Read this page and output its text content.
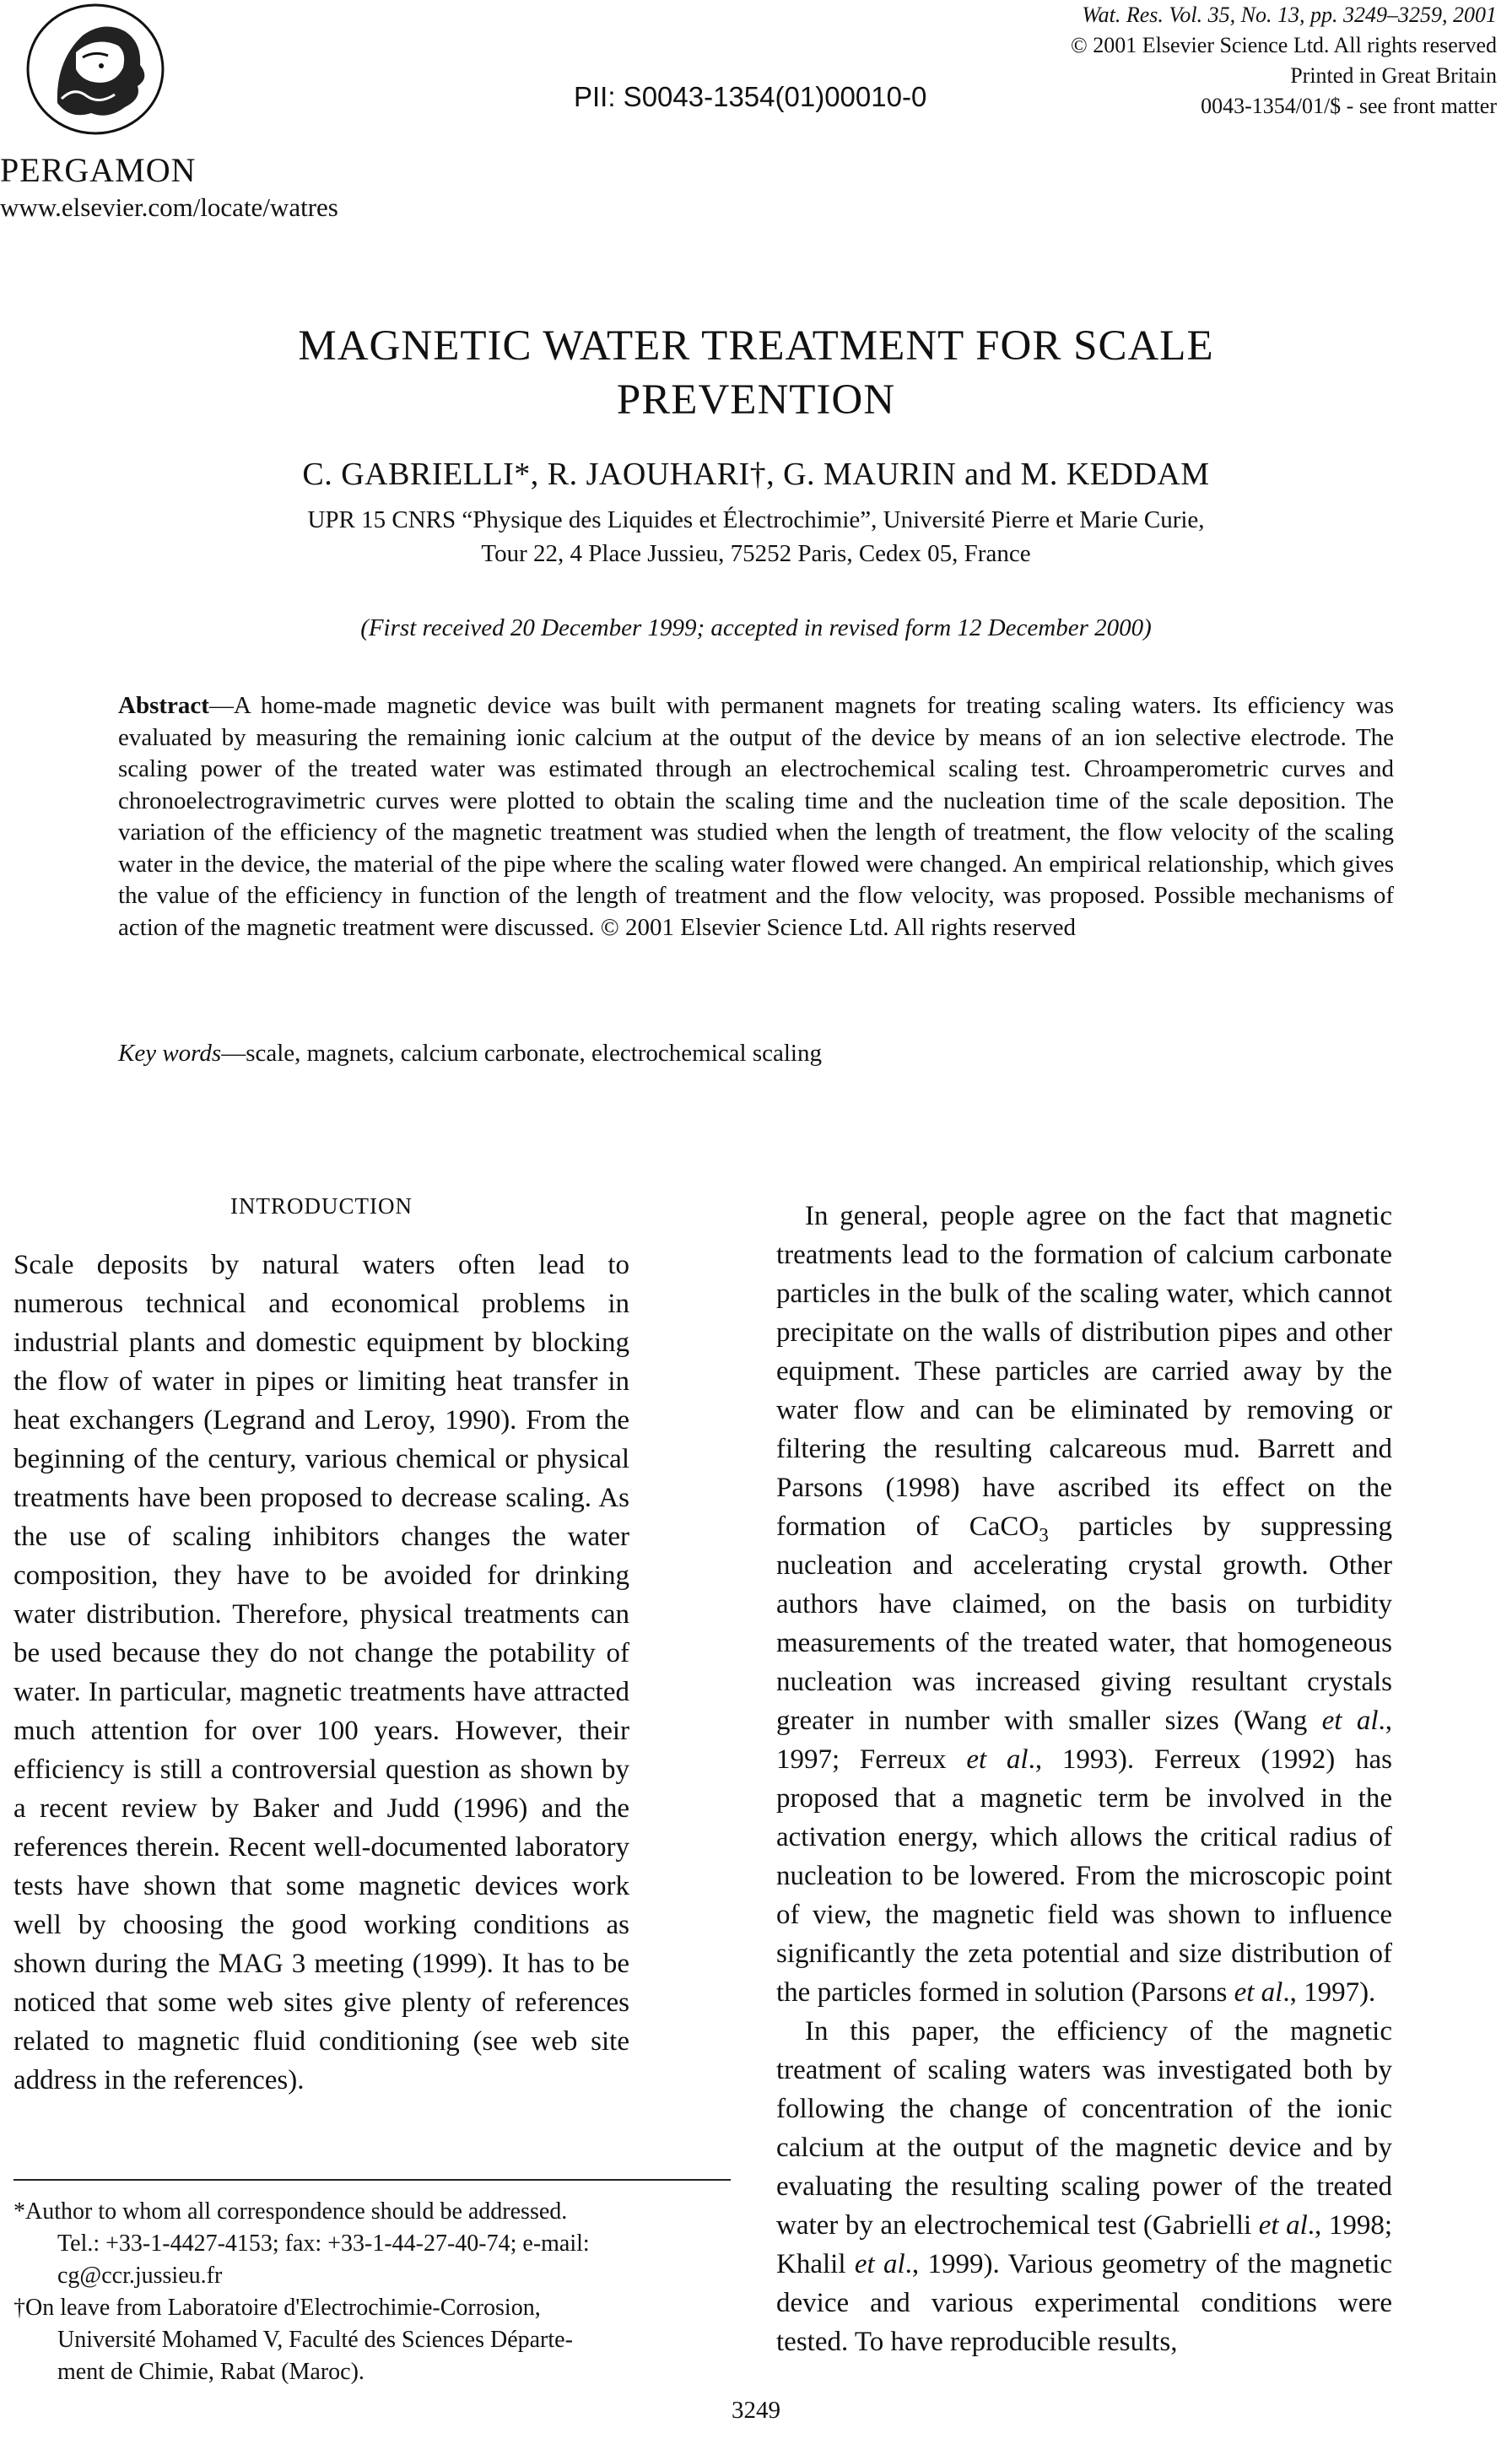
PERGAMON
www.elsevier.com/locate/watres
PII: S0043-1354(01)00010-0
Wat. Res. Vol. 35, No. 13, pp. 3249–3259, 2001
© 2001 Elsevier Science Ltd. All rights reserved
Printed in Great Britain
0043-1354/01/$ - see front matter
MAGNETIC WATER TREATMENT FOR SCALE
PREVENTION
C. GABRIELLI*, R. JAOUHARI†, G. MAURIN and M. KEDDAM
UPR 15 CNRS “Physique des Liquides et Électrochimie”, Université Pierre et Marie Curie,
Tour 22, 4 Place Jussieu, 75252 Paris, Cedex 05, France
(First received 20 December 1999; accepted in revised form 12 December 2000)
Abstract—A home-made magnetic device was built with permanent magnets for treating scaling waters. Its efficiency was evaluated by measuring the remaining ionic calcium at the output of the device by means of an ion selective electrode. The scaling power of the treated water was estimated through an electrochemical scaling test. Chroamperometric curves and chronoelectrogravimetric curves were plotted to obtain the scaling time and the nucleation time of the scale deposition. The variation of the efficiency of the magnetic treatment was studied when the length of treatment, the flow velocity of the scaling water in the device, the material of the pipe where the scaling water flowed were changed. An empirical relationship, which gives the value of the efficiency in function of the length of treatment and the flow velocity, was proposed. Possible mechanisms of action of the magnetic treatment were discussed. © 2001 Elsevier Science Ltd. All rights reserved
Key words—scale, magnets, calcium carbonate, electrochemical scaling
INTRODUCTION

Scale deposits by natural waters often lead to numerous technical and economical problems in industrial plants and domestic equipment by blocking the flow of water in pipes or limiting heat transfer in heat exchangers (Legrand and Leroy, 1990). From the beginning of the century, various chemical or physical treatments have been proposed to decrease scaling. As the use of scaling inhibitors changes the water composition, they have to be avoided for drinking water distribution. Therefore, physical treatments can be used because they do not change the potability of water. In particular, magnetic treatments have attracted much attention for over 100 years. However, their efficiency is still a controversial question as shown by a recent review by Baker and Judd (1996) and the references therein. Recent well-documented laboratory tests have shown that some magnetic devices work well by choosing the good working conditions as shown during the MAG 3 meeting (1999). It has to be noticed that some web sites give plenty of references related to magnetic fluid conditioning (see web site address in the references).

In general, people agree on the fact that magnetic treatments lead to the formation of calcium carbonate particles in the bulk of the scaling water, which cannot precipitate on the walls of distribution pipes and other equipment. These particles are carried away by the water flow and can be eliminated by removing or filtering the resulting calcareous mud. Barrett and Parsons (1998) have ascribed its effect on the formation of CaCO$_3$ particles by suppressing nucleation and accelerating crystal growth. Other authors have claimed, on the basis on turbidity measurements of the treated water, that homogeneous nucleation was increased giving resultant crystals greater in number with smaller sizes (Wang et al., 1997; Ferreux et al., 1993). Ferreux (1992) has proposed that a magnetic term be involved in the activation energy, which allows the critical radius of nucleation to be lowered. From the microscopic point of view, the magnetic field was shown to influence significantly the zeta potential and size distribution of the particles formed in solution (Parsons et al., 1997).

In this paper, the efficiency of the magnetic treatment of scaling waters was investigated both by following the change of concentration of the ionic calcium at the output of the magnetic device and by evaluating the resulting scaling power of the treated water by an electrochemical test (Gabrielli et al., 1998; Khalil et al., 1999). Various geometry of the magnetic device and various experimental conditions were tested. To have reproducible results,

*Author to whom all correspondence should be addressed.
Tel.: +33-1-4427-4153; fax: +33-1-44-27-40-74; e-mail:
cg@ccr.jussieu.fr
†On leave from Laboratoire d'Electrochimie-Corrosion,
Université Mohamed V, Faculté des Sciences Départe-
ment de Chimie, Rabat (Maroc).
3249
